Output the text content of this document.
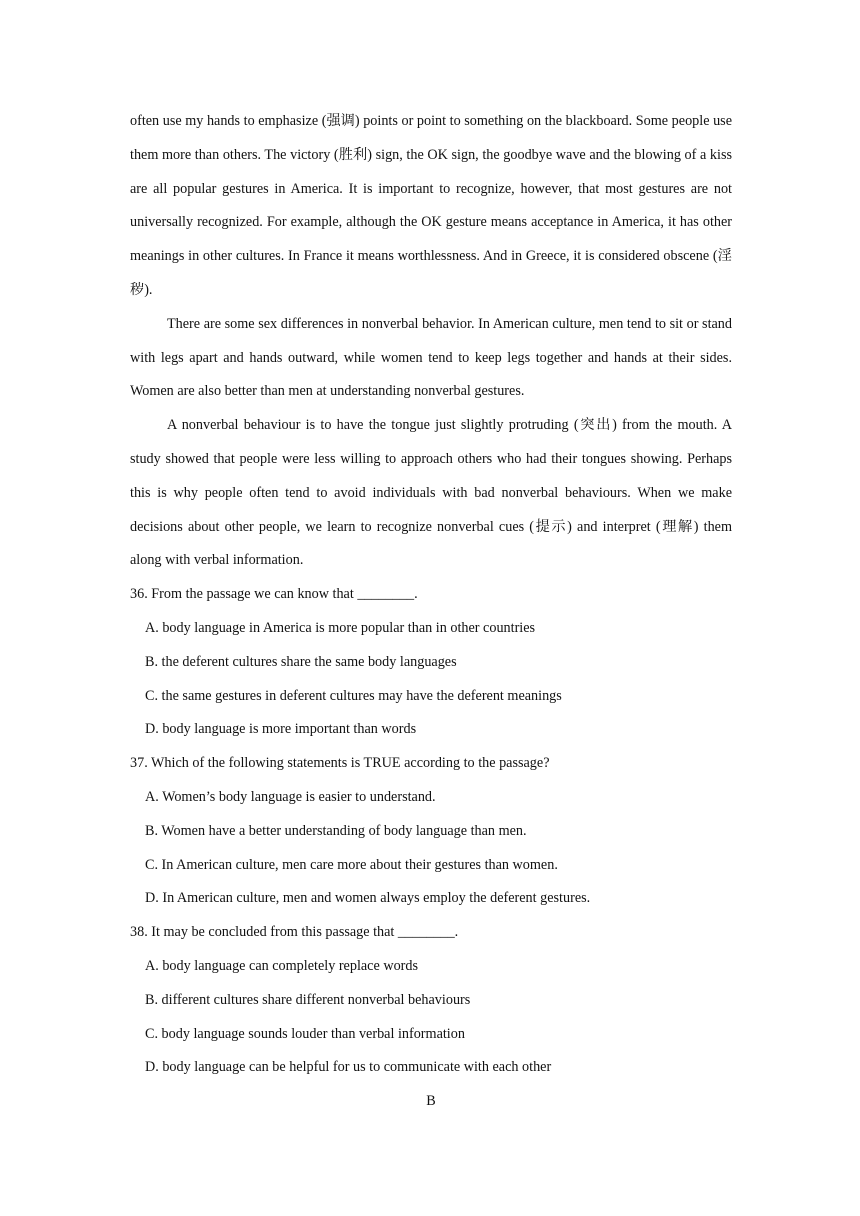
often use my hands to emphasize (强调) points or point to something on the blackboard. Some people use them more than others. The victory (胜利) sign, the OK sign, the goodbye wave and the blowing of a kiss are all popular gestures in America. It is important to recognize, however, that most gestures are not universally recognized. For example, although the OK gesture means acceptance in America, it has other meanings in other cultures. In France it means worthlessness. And in Greece, it is considered obscene (淫秽).

There are some sex differences in nonverbal behavior. In American culture, men tend to sit or stand with legs apart and hands outward, while women tend to keep legs together and hands at their sides. Women are also better than men at understanding nonverbal gestures.

A nonverbal behaviour is to have the tongue just slightly protruding (突出) from the mouth. A study showed that people were less willing to approach others who had their tongues showing. Perhaps this is why people often tend to avoid individuals with bad nonverbal behaviours. When we make decisions about other people, we learn to recognize nonverbal cues (提示) and interpret (理解) them along with verbal information.

36. From the passage we can know that ________.

A. body language in America is more popular than in other countries

B. the deferent cultures share the same body languages

C. the same gestures in deferent cultures may have the deferent meanings

D. body language is more important than words

37. Which of the following statements is TRUE according to the passage?

A. Women’s body language is easier to understand.

B. Women have a better understanding of body language than men.

C. In American culture, men care more about their gestures than women.

D. In American culture, men and women always employ the deferent gestures.

38. It may be concluded from this passage that ________.

A. body language can completely replace words

B. different cultures share different nonverbal behaviours

C. body language sounds louder than verbal information

D. body language can be helpful for us to communicate with each other

B
